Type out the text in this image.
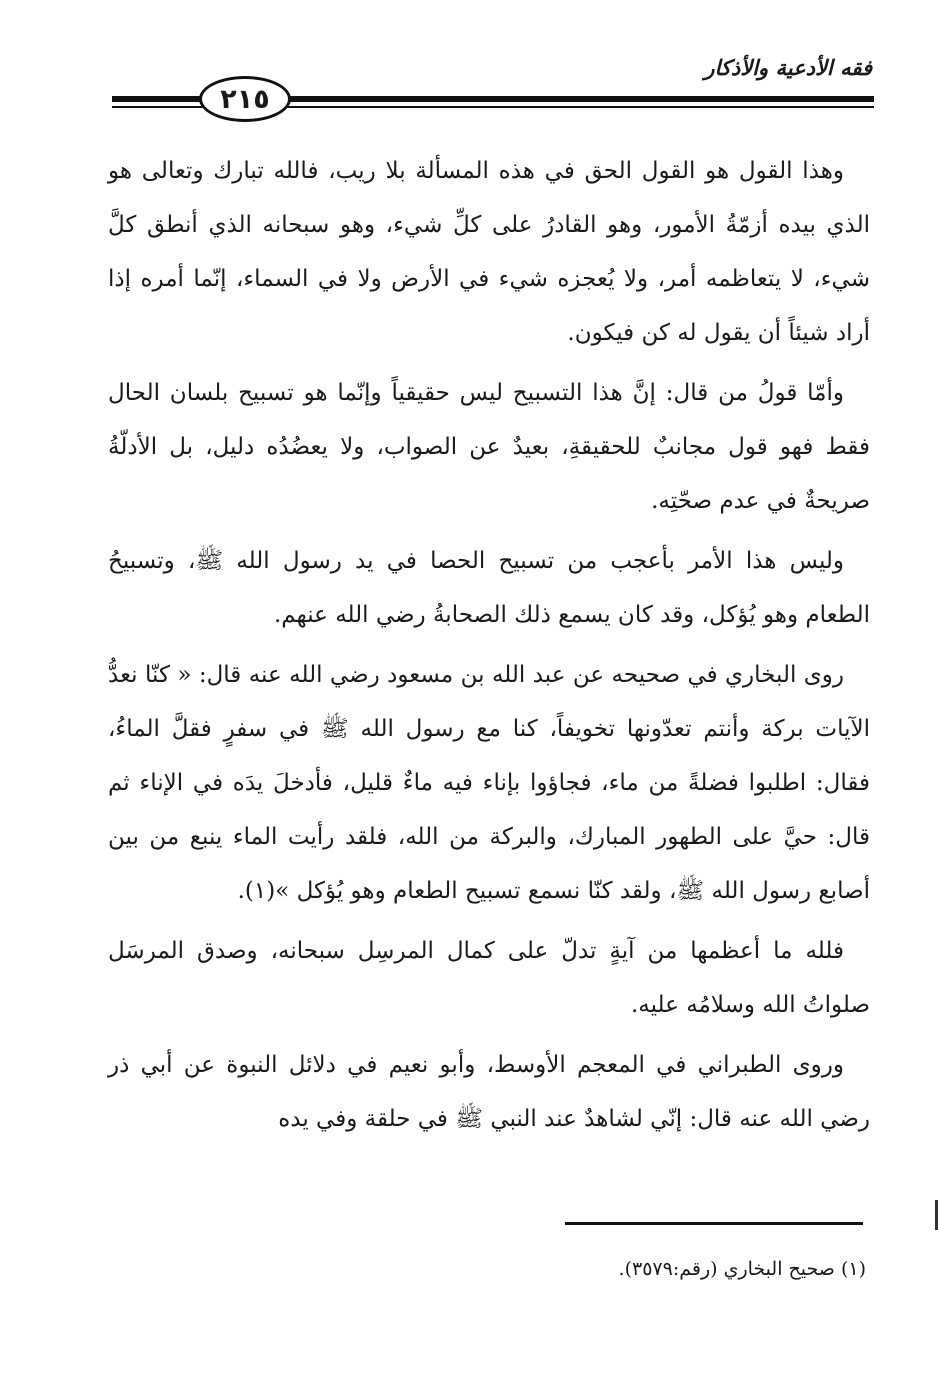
فقه الأدعية والأذكار
٢١٥

وهذا القول هو القول الحق في هذه المسألة بلا ريب، فالله تبارك وتعالى هو الذي بيده أزمّةُ الأمور، وهو القادرُ على كلِّ شيء، وهو سبحانه الذي أنطق كلَّ شيء، لا يتعاظمه أمر، ولا يُعجزه شيء في الأرض ولا في السماء، إنّما أمره إذا أراد شيئاً أن يقول له كن فيكون.

وأمّا قولُ من قال: إنَّ هذا التسبيح ليس حقيقياً وإنّما هو تسبيح بلسان الحال فقط فهو قول مجانبٌ للحقيقةِ، بعيدٌ عن الصواب، ولا يعضُدُه دليل، بل الأدلّةُ صريحةٌ في عدم صحّتِه.

وليس هذا الأمر بأعجب من تسبيح الحصا في يد رسول الله ﷺ، وتسبيحُ الطعام وهو يُؤكل، وقد كان يسمع ذلك الصحابةُ رضي الله عنهم.

روى البخاري في صحيحه عن عبد الله بن مسعود رضي الله عنه قال: « كنّا نعدُّ الآيات بركة وأنتم تعدّونها تخويفاً، كنا مع رسول الله ﷺ في سفرٍ فقلَّ الماءُ، فقال: اطلبوا فضلةً من ماء، فجاؤوا بإناء فيه ماءٌ قليل، فأدخلَ يدَه في الإناء ثم قال: حيَّ على الطهور المبارك، والبركة من الله، فلقد رأيت الماء ينبع من بين أصابع رسول الله ﷺ، ولقد كنّا نسمع تسبيح الطعام وهو يُؤكل »(١).

فلله ما أعظمها من آيةٍ تدلّ على كمال المرسِل سبحانه، وصدق المرسَل صلواتُ الله وسلامُه عليه.

وروى الطبراني في المعجم الأوسط، وأبو نعيم في دلائل النبوة عن أبي ذر رضي الله عنه قال: إنّي لشاهدٌ عند النبي ﷺ في حلقة وفي يده

(١) صحيح البخاري (رقم:٣٥٧٩).
